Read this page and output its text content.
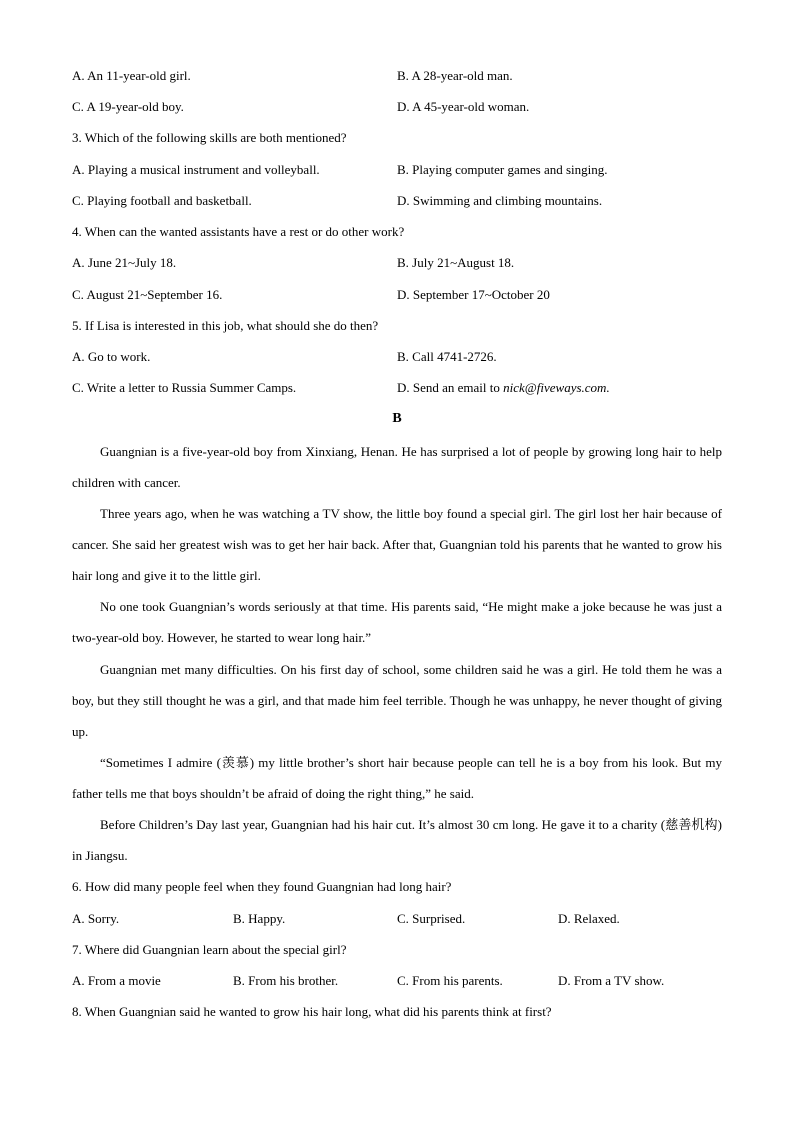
A. An 11-year-old girl.	B. A 28-year-old man.
C. A 19-year-old boy.	D. A 45-year-old woman.
3. Which of the following skills are both mentioned?
A. Playing a musical instrument and volleyball.	B. Playing computer games and singing.
C. Playing football and basketball.	D. Swimming and climbing mountains.
4. When can the wanted assistants have a rest or do other work?
A. June 21~July 18.	B. July 21~August 18.
C. August 21~September 16.	D. September 17~October 20
5. If Lisa is interested in this job, what should she do then?
A. Go to work.	B. Call 4741-2726.
C. Write a letter to Russia Summer Camps.	D. Send an email to nick@fiveways.com.
B
Guangnian is a five-year-old boy from Xinxiang, Henan. He has surprised a lot of people by growing long hair to help children with cancer.
Three years ago, when he was watching a TV show, the little boy found a special girl. The girl lost her hair because of cancer. She said her greatest wish was to get her hair back. After that, Guangnian told his parents that he wanted to grow his hair long and give it to the little girl.
No one took Guangnian’s words seriously at that time. His parents said, “He might make a joke because he was just a two-year-old boy. However, he started to wear long hair.”
Guangnian met many difficulties. On his first day of school, some children said he was a girl. He told them he was a boy, but they still thought he was a girl, and that made him feel terrible. Though he was unhappy, he never thought of giving up.
“Sometimes I admire (羡慕) my little brother’s short hair because people can tell he is a boy from his look. But my father tells me that boys shouldn’t be afraid of doing the right thing,” he said.
Before Children’s Day last year, Guangnian had his hair cut. It’s almost 30 cm long. He gave it to a charity (慈善机构) in Jiangsu.
6. How did many people feel when they found Guangnian had long hair?
A. Sorry.	B. Happy.	C. Surprised.	D. Relaxed.
7. Where did Guangnian learn about the special girl?
A. From a movie	B. From his brother.	C. From his parents.	D. From a TV show.
8. When Guangnian said he wanted to grow his hair long, what did his parents think at first?
